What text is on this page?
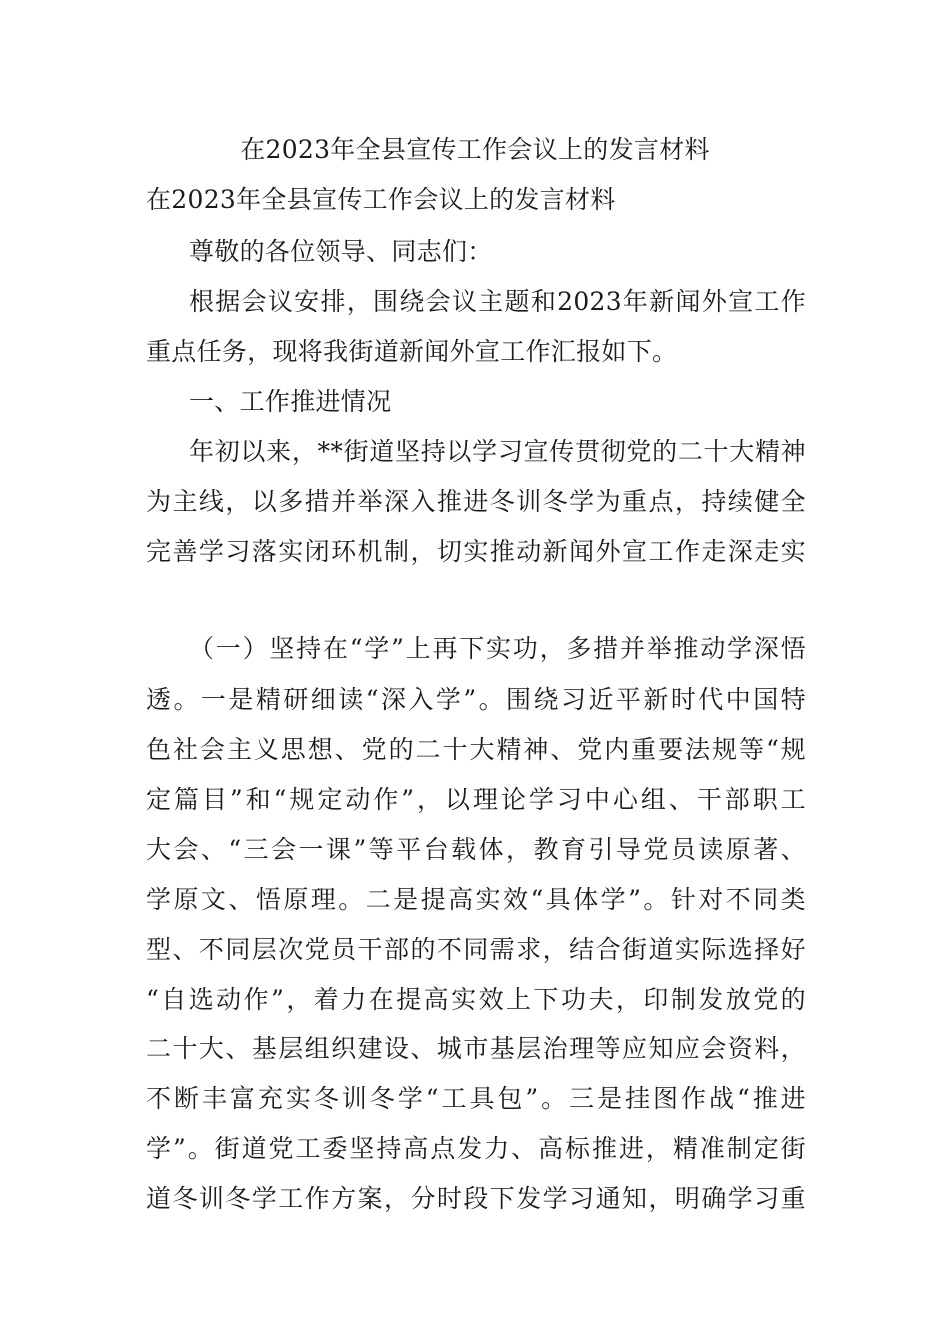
在2023年全县宣传工作会议上的发言材料
在2023年全县宣传工作会议上的发言材料
尊敬的各位领导、同志们：
根据会议安排，围绕会议主题和2023年新闻外宣工作
重点任务，现将我街道新闻外宣工作汇报如下。
一、工作推进情况
年初以来，**街道坚持以学习宣传贯彻党的二十大精神
为主线，以多措并举深入推进冬训冬学为重点，持续健全
完善学习落实闭环机制，切实推动新闻外宣工作走深走实
（一）坚持在“学”上再下实功，多措并举推动学深悟
透。一是精研细读“深入学”。围绕习近平新时代中国特
色社会主义思想、党的二十大精神、党内重要法规等“规
定篇目”和“规定动作”，以理论学习中心组、干部职工
大会、“三会一课”等平台载体，教育引导党员读原著、
学原文、悟原理。二是提高实效“具体学”。针对不同类
型、不同层次党员干部的不同需求，结合街道实际选择好
“自选动作”，着力在提高实效上下功夫，印制发放党的
二十大、基层组织建设、城市基层治理等应知应会资料，
不断丰富充实冬训冬学“工具包”。三是挂图作战“推进
学”。街道党工委坚持高点发力、高标推进，精准制定街
道冬训冬学工作方案，分时段下发学习通知，明确学习重
